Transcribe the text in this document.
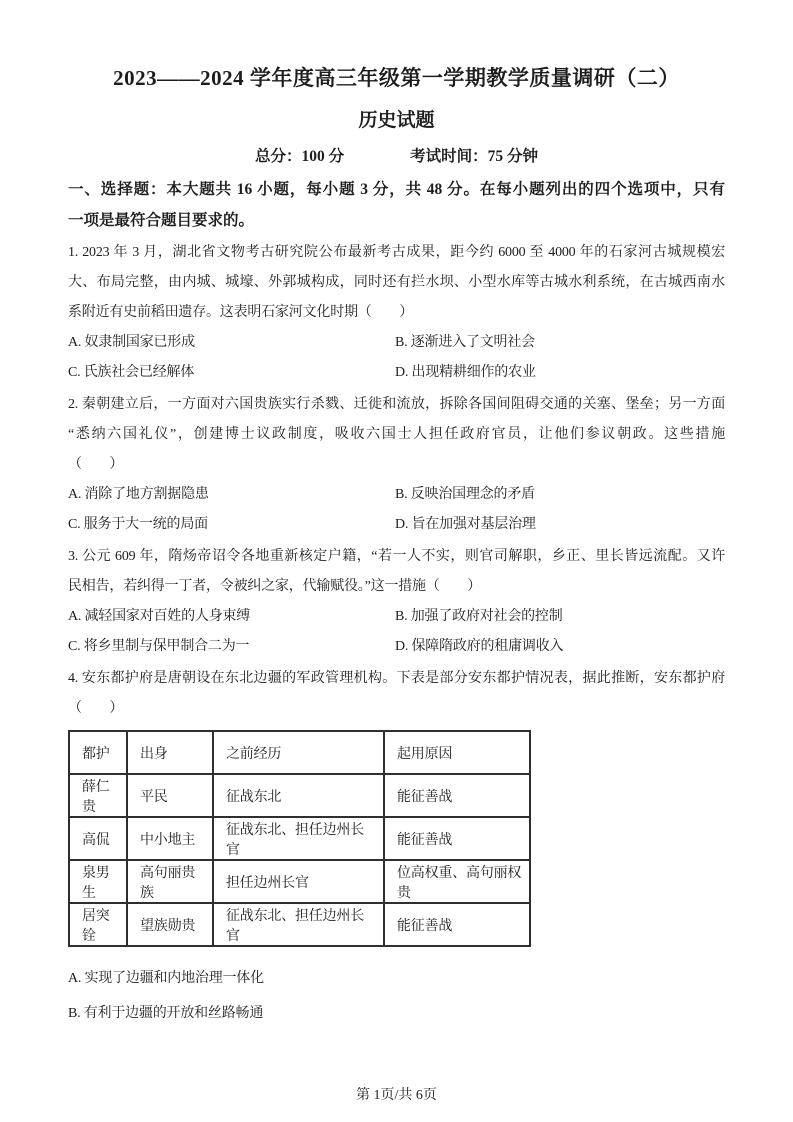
2023——2024 学年度高三年级第一学期教学质量调研（二）
历史试题
总分：100 分	考试时间：75 分钟
一、选择题：本大题共 16 小题，每小题 3 分，共 48 分。在每小题列出的四个选项中，只有
一项是最符合题目要求的。
1. 2023 年 3 月，湖北省文物考古研究院公布最新考古成果，距今约 6000 至 4000 年的石家河古城规模宏
大、布局完整，由内城、城壕、外郭城构成，同时还有拦水坝、小型水库等古城水利系统，在古城西南水
系附近有史前稻田遗存。这表明石家河文化时期（　　）
A. 奴隶制国家已形成	B. 逐渐进入了文明社会
C. 氏族社会已经解体	D. 出现精耕细作的农业
2. 秦朝建立后，一方面对六国贵族实行杀戮、迁徙和流放，拆除各国间阻碍交通的关塞、堡垒；另一方面
“悉纳六国礼仪”，创建博士议政制度，吸收六国士人担任政府官员，让他们参议朝政。这些措施
（　　）
A. 消除了地方割据隐患	B. 反映治国理念的矛盾
C. 服务于大一统的局面	D. 旨在加强对基层治理
3. 公元 609 年，隋炀帝诏令各地重新核定户籍，“若一人不实，则官司解职，乡正、里长皆远流配。又许
民相告，若纠得一丁者，令被纠之家，代输赋役。”这一措施（　　）
A. 减轻国家对百姓的人身束缚	B. 加强了政府对社会的控制
C. 将乡里制与保甲制合二为一	D. 保障隋政府的租庸调收入
4. 安东都护府是唐朝设在东北边疆的军政管理机构。下表是部分安东都护情况表，据此推断，安东都护府
（　　）
都护	出身	之前经历	起用原因
薛仁贵	平民	征战东北	能征善战
高侃	中小地主	征战东北、担任边州长官	能征善战
泉男生	高句丽贵族	担任边州长官	位高权重、高句丽权贵
居突铨	望族勋贵	征战东北、担任边州长官	能征善战
A. 实现了边疆和内地治理一体化
B. 有利于边疆的开放和丝路畅通
第 1页/共 6页
